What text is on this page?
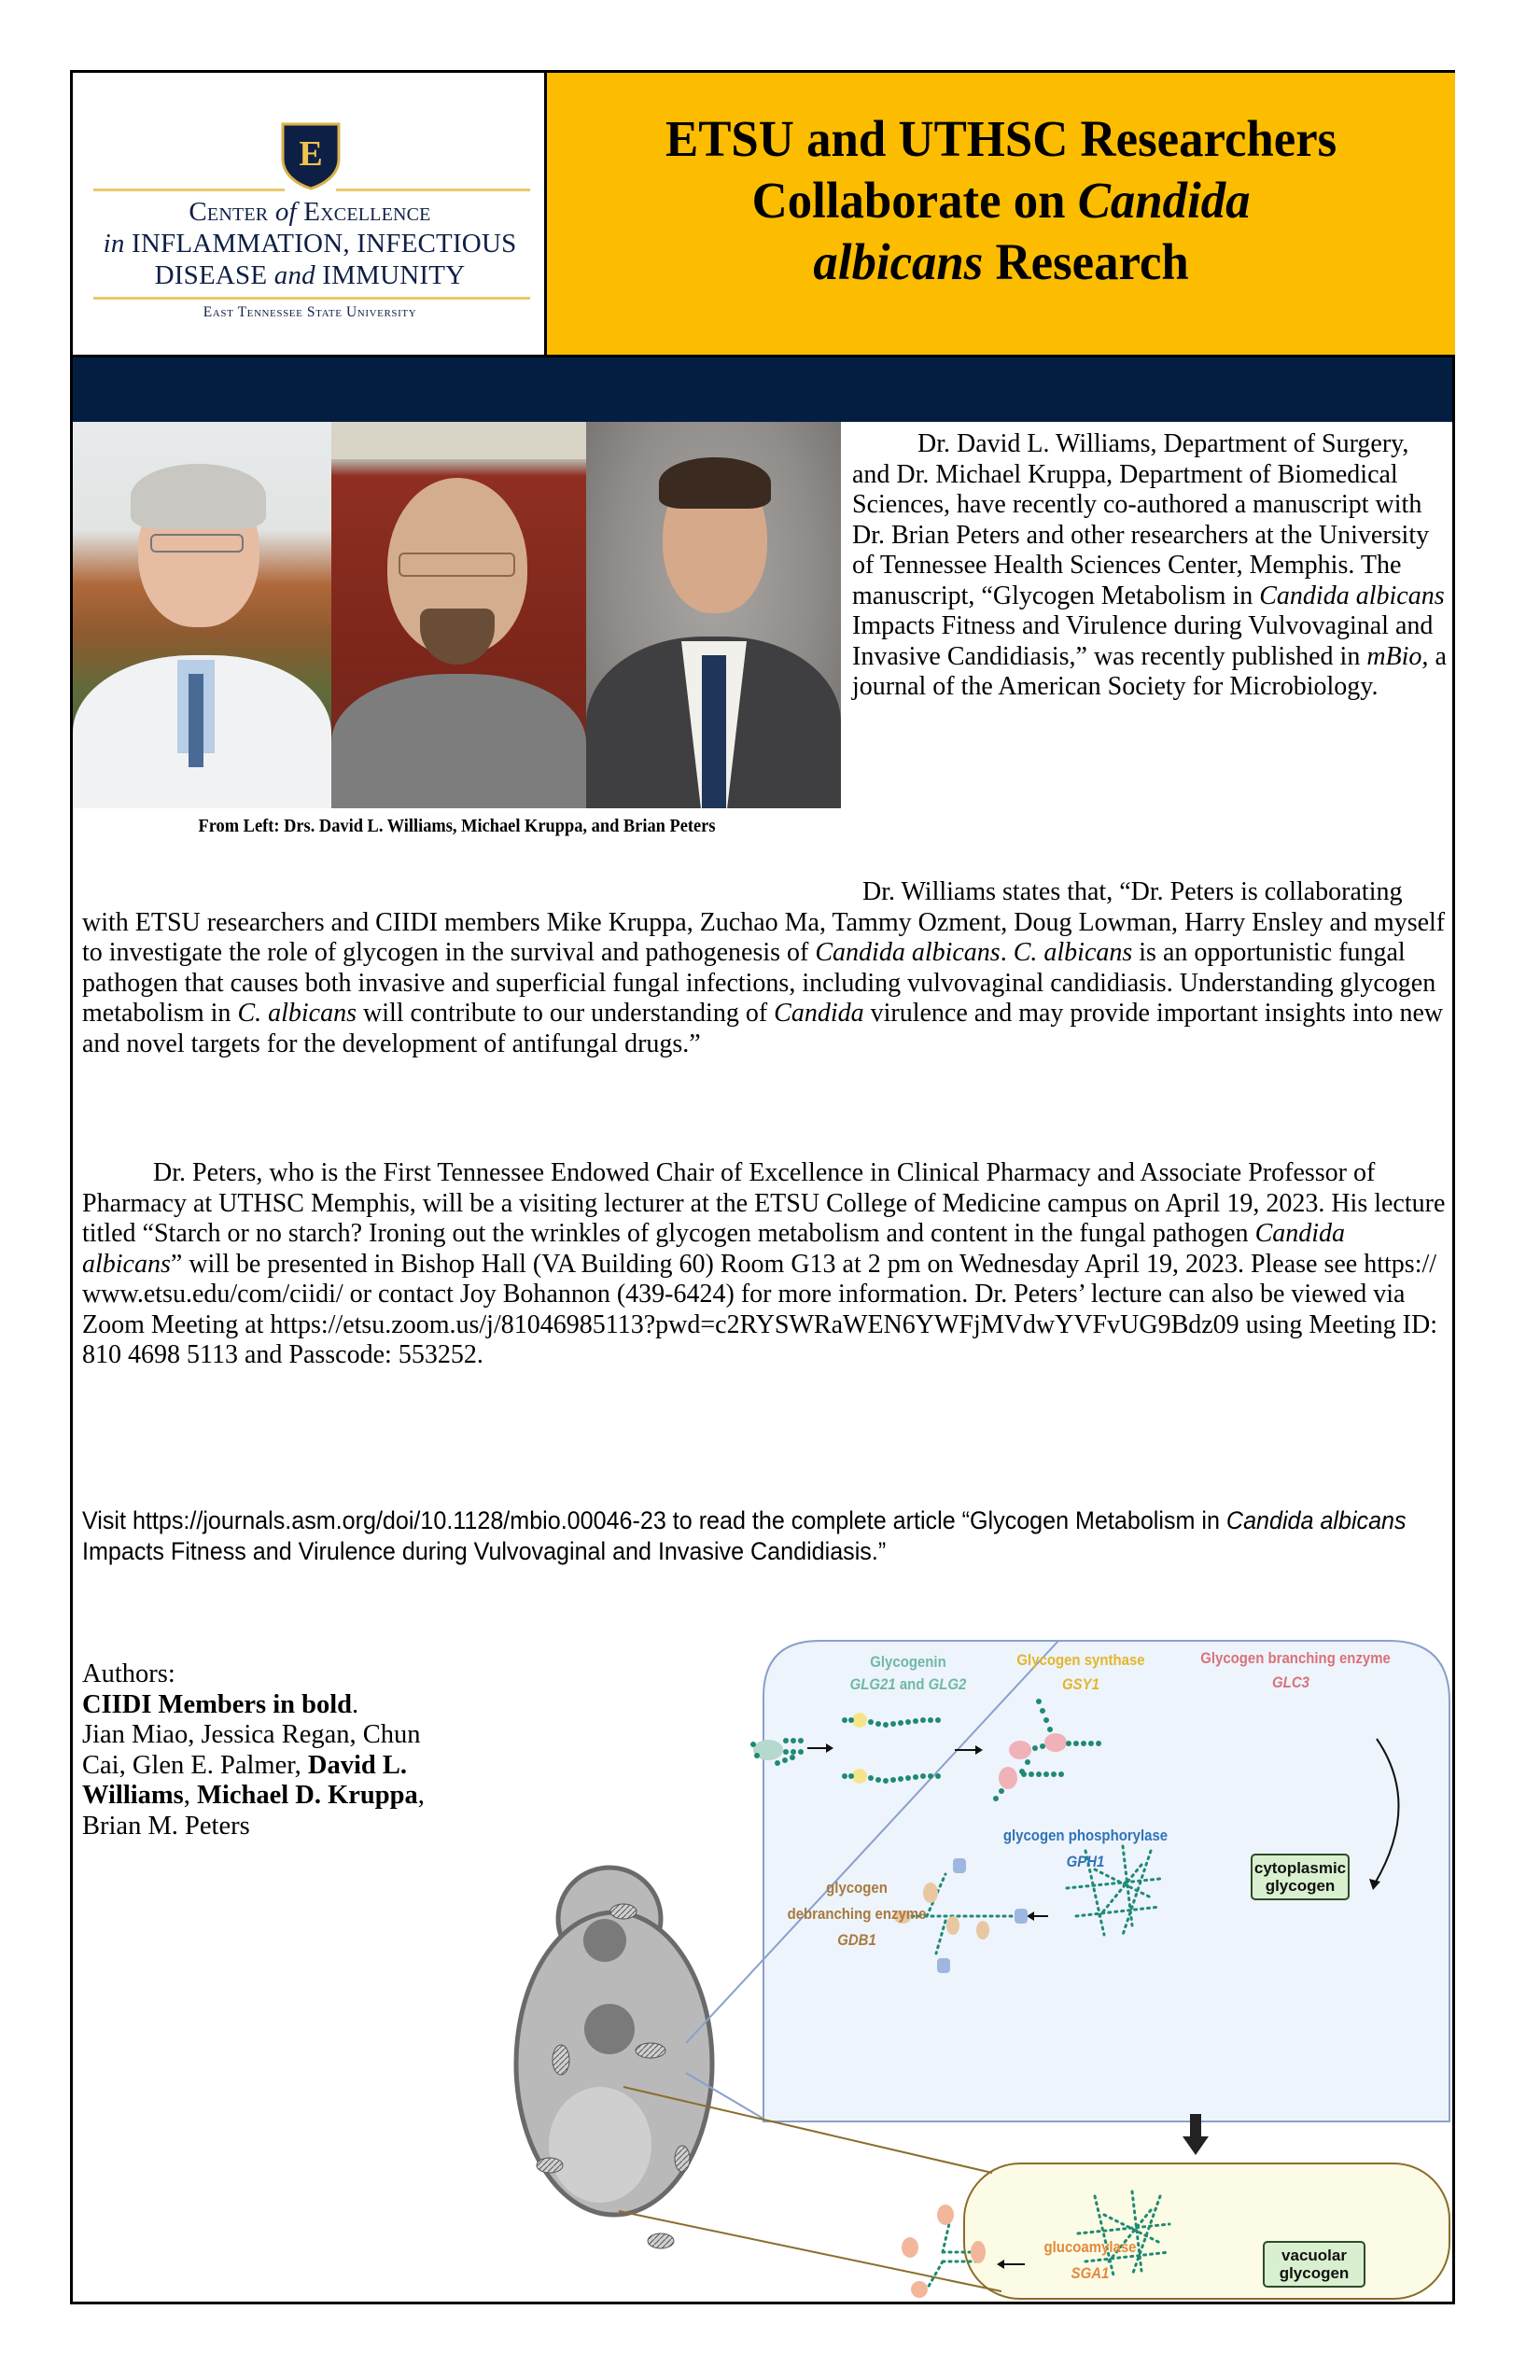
E
Center of Excellence
in INFLAMMATION, INFECTIOUS
DISEASE and IMMUNITY
East Tennessee State University
ETSU and UTHSC Researchers
Collaborate on Candida
albicans Research
From Left: Drs. David L. Williams, Michael Kruppa, and Brian Peters
Dr. David L. Williams, Department of Surgery, and Dr. Michael Kruppa, Department of Biomedical Sciences, have recently co-authored a manuscript with Dr. Brian Peters and other researchers at the University of Tennessee Health Sciences Center, Memphis. The manuscript, “Glycogen Metabolism in Candida albicans Impacts Fitness and Virulence during Vulvovaginal and Invasive Candidiasis,” was recently published in mBio, a journal of the American Society for Microbiology.
Dr. Williams states that, “Dr. Peters is collaborating with ETSU researchers and CIIDI members Mike Kruppa, Zuchao Ma, Tammy Ozment, Doug Lowman, Harry Ensley and myself to investigate the role of glycogen in the survival and pathogenesis of Candida albicans. C. albicans is an opportunistic fungal pathogen that causes both invasive and superficial fungal infections, including vulvovaginal candidiasis. Understanding glycogen metabolism in C. albicans will contribute to our understanding of Candida virulence and may provide important insights into new and novel targets for the development of antifungal drugs.”
Dr. Peters, who is the First Tennessee Endowed Chair of Excellence in Clinical Pharmacy and Associate Professor of Pharmacy at UTHSC Memphis, will be a visiting lecturer at the ETSU College of Medicine campus on April 19, 2023. His lecture titled “Starch or no starch? Ironing out the wrinkles of glycogen metabolism and content in the fungal pathogen Candida albicans” will be presented in Bishop Hall (VA Building 60) Room G13 at 2 pm on Wednesday April 19, 2023. Please see https://​www.etsu.edu/com/ciidi/ or contact Joy Bohannon (439-6424) for more information. Dr. Peters’ lecture can also be viewed via Zoom Meeting at https://etsu.zoom.us/j/81046985113?​pwd=c2RYSWRaWEN6YWFjMVdwYVFvUG9Bdz09 using Meeting ID: 810 4698 5113 and Passcode: 553252.
Visit https://journals.asm.org/doi/10.1128/mbio.00046-23 to read the complete article “Glycogen Metabolism in Candida albicans Impacts Fitness and Virulence during Vulvovaginal and Invasive Candidiasis.”
Authors:
CIIDI Members in bold.
Jian Miao, Jessica Regan, Chun Cai, Glen E. Palmer, David L. Williams, Michael D. Kruppa, Brian M. Peters
Glycogenin
GLG21 and GLG2
Glycogen synthase
GSY1
Glycogen branching enzyme
GLC3
glycogen phosphorylase
GPH1
glycogen
debranching enzyme
GDB1
cytoplasmic
glycogen
glucoamylase
SGA1
vacuolar
glycogen
